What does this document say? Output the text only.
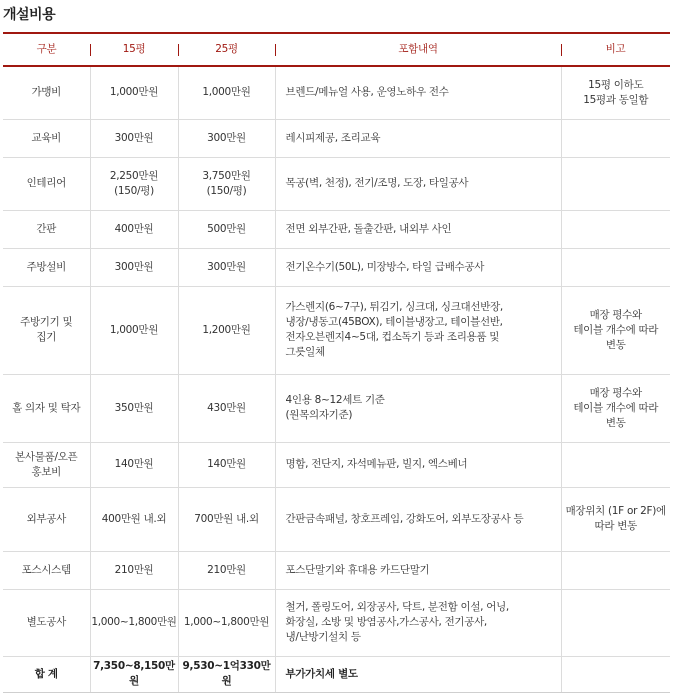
개설비용
구분	15평	25평	포함내역	비고

가맹비	1,000만원	1,000만원	브렌드/메뉴얼 사용, 운영노하우 전수	15평 이하도
15평과 동일함

교육비	300만원	300만원	레시피제공, 조리교육	

인테리어	2,250만원
(150/평)	3,750만원
(150/평)	목공(벽, 천정), 전기/조명, 도장, 타일공사	

간판	400만원	500만원	전면 외부간판, 돌출간판, 내외부 사인	

주방설비	300만원	300만원	전기온수기(50L), 미장방수, 타일 급배수공사	

주방기기 및
집기	1,000만원	1,200만원	가스렌지(6~7구), 튀김기, 싱크대, 싱크대선반장,
냉장/냉동고(45BOX), 테이블냉장고, 테이블선반,
전자오븐렌지4~5대, 컵소독기 등과 조리용품 및
그릇일체	매장 평수와
테이블 개수에 따라
변동

홀 의자 및 탁자	350만원	430만원	4인용 8~12세트 기준
(원목의자기준)	매장 평수와
테이블 개수에 따라
변동

본사물품/오픈
홍보비	140만원	140만원	명함, 전단지, 자석메뉴판, 빌지, 엑스베너	

외부공사	400만원 내.외	700만원 내.외	간판금속패널, 창호프레임, 강화도어, 외부도장공사 등	매장위치 (1F or 2F)에
따라 변동

포스시스템	210만원	210만원	포스단말기와 휴대용 카드단말기	

별도공사	1,000~1,800만원	1,000~1,800만원	철거, 폴링도어, 외장공사, 닥트, 분전함 이설, 어닝,
화장실, 소방 및 방염공사,가스공사, 전기공사,
냉/난방기설치 등	

합 계	7,350~8,150만원	9,530~1억330만원	부가가치세 별도	
